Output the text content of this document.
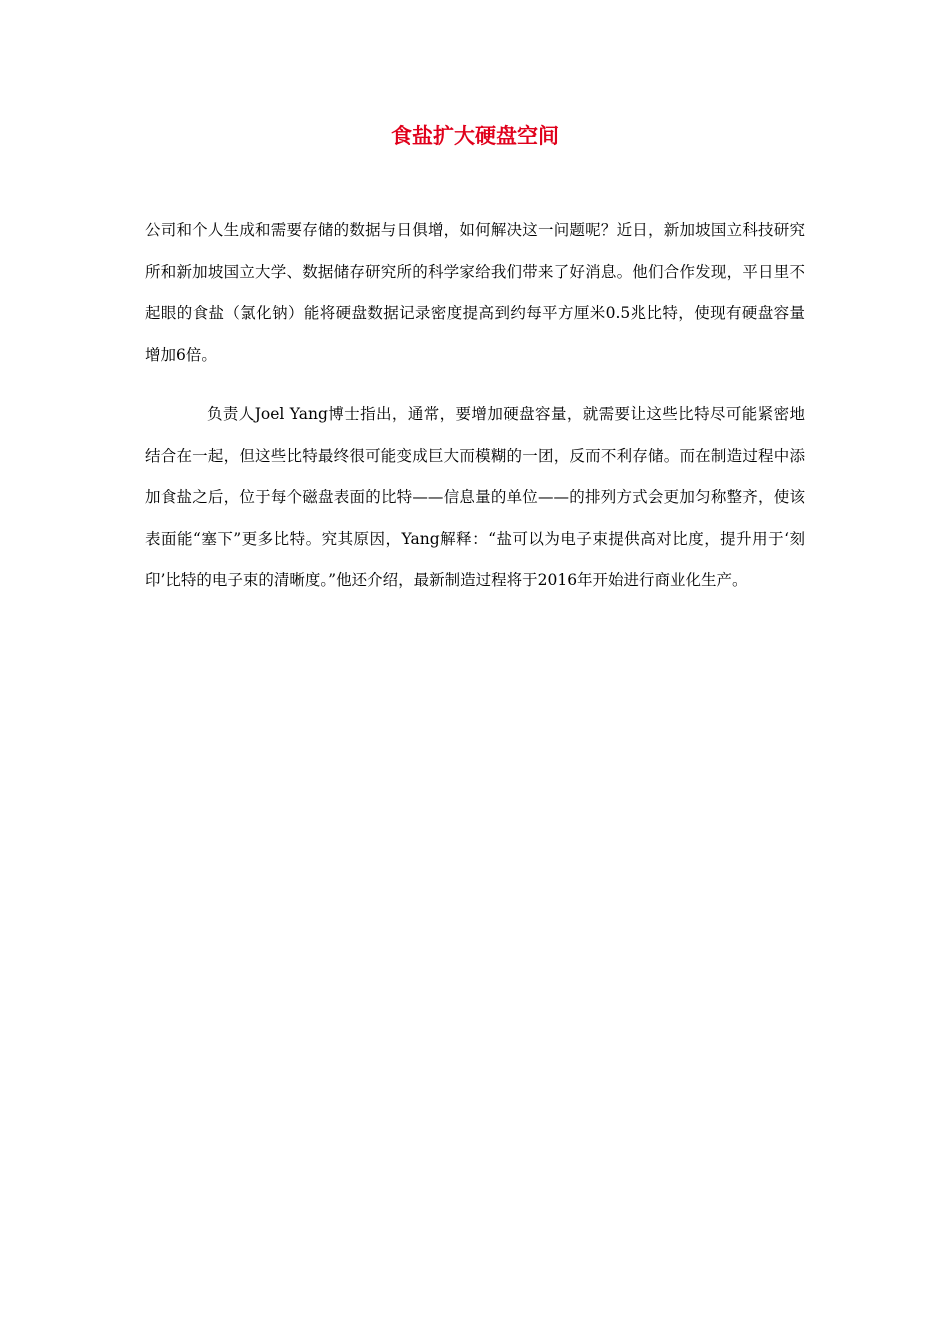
食盐扩大硬盘空间

公司和个人生成和需要存储的数据与日俱增，如何解决这一问题呢？近日，新加坡国立科技研究所和新加坡国立大学、数据储存研究所的科学家给我们带来了好消息。他们合作发现，平日里不起眼的食盐（氯化钠）能将硬盘数据记录密度提高到约每平方厘米0.5兆比特，使现有硬盘容量增加6倍。

负责人Joel Yang博士指出，通常，要增加硬盘容量，就需要让这些比特尽可能紧密地结合在一起，但这些比特最终很可能变成巨大而模糊的一团，反而不利存储。而在制造过程中添加食盐之后，位于每个磁盘表面的比特——信息量的单位——的排列方式会更加匀称整齐，使该表面能“塞下”更多比特。究其原因，Yang解释：“盐可以为电子束提供高对比度，提升用于‘刻印’比特的电子束的清晰度。”他还介绍，最新制造过程将于2016年开始进行商业化生产。
